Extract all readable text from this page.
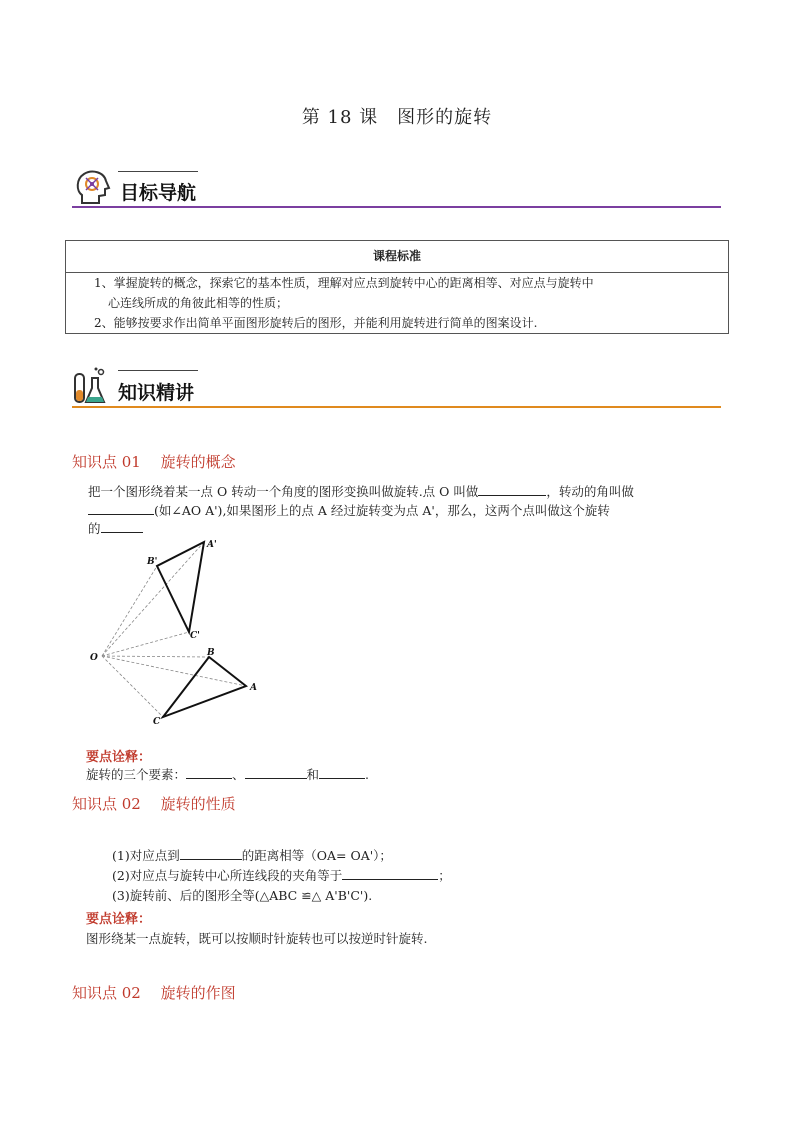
第 18 课　图形的旋转
目标导航
课程标准
1、掌握旋转的概念，探索它的基本性质，理解对应点到旋转中心的距离相等、对应点与旋转中
心连线所成的角彼此相等的性质；
2、能够按要求作出简单平面图形旋转后的图形，并能利用旋转进行简单的图案设计.
知识精讲
知识点 01　 旋转的概念
把一个图形绕着某一点 O 转动一个角度的图形变换叫做旋转.点 O 叫做	，转动的角叫做
(如∠AO A'),如果图形上的点 A 经过旋转变为点 A'，那么，这两个点叫做这个旋转
的
O
A'
B'
C'
A
B
C
要点诠释：
旋转的三个要素：	、	和	.
知识点 02　 旋转的性质
(1)对应点到	的距离相等（OA= OA'）；
(2)对应点与旋转中心所连线段的夹角等于	；
(3)旋转前、后的图形全等(△ABC ≌△ A'B'C').
要点诠释：
图形绕某一点旋转，既可以按顺时针旋转也可以按逆时针旋转.
知识点 02　 旋转的作图
